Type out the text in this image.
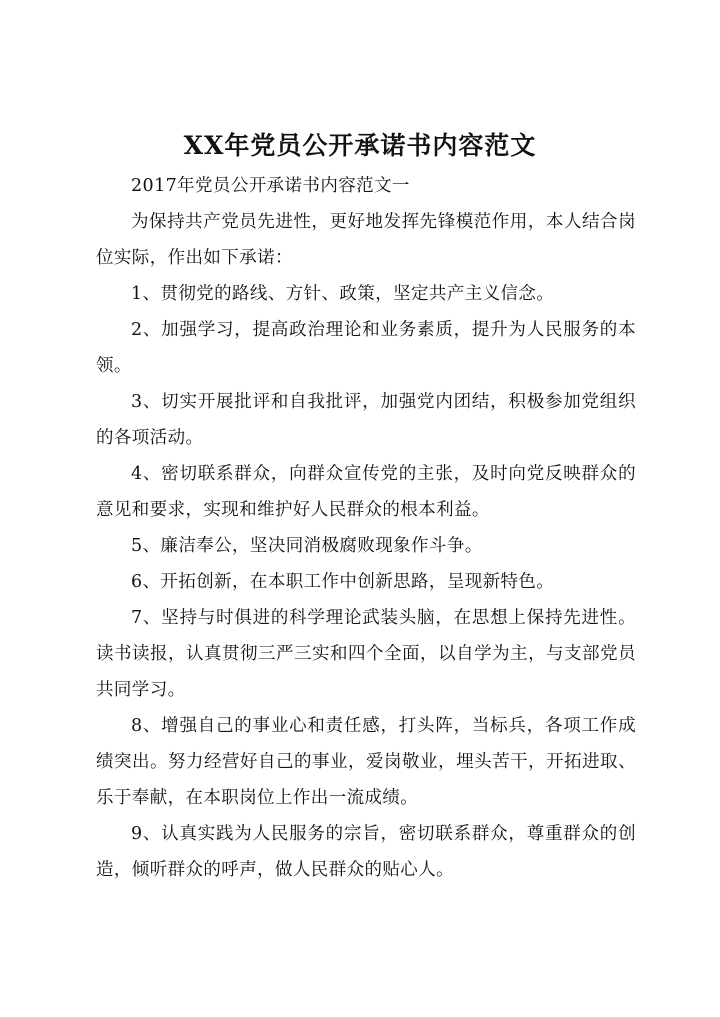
XX年党员公开承诺书内容范文

2017年党员公开承诺书内容范文一

为保持共产党员先进性，更好地发挥先锋模范作用，本人结合岗位实际，作出如下承诺：

1、贯彻党的路线、方针、政策，坚定共产主义信念。

2、加强学习，提高政治理论和业务素质，提升为人民服务的本领。

3、切实开展批评和自我批评，加强党内团结，积极参加党组织的各项活动。

4、密切联系群众，向群众宣传党的主张，及时向党反映群众的意见和要求，实现和维护好人民群众的根本利益。

5、廉洁奉公，坚决同消极腐败现象作斗争。

6、开拓创新，在本职工作中创新思路，呈现新特色。

7、坚持与时俱进的科学理论武装头脑，在思想上保持先进性。读书读报，认真贯彻三严三实和四个全面，以自学为主，与支部党员共同学习。

8、增强自己的事业心和责任感，打头阵，当标兵，各项工作成绩突出。努力经营好自己的事业，爱岗敬业，埋头苦干，开拓进取、乐于奉献，在本职岗位上作出一流成绩。

9、认真实践为人民服务的宗旨，密切联系群众，尊重群众的创造，倾听群众的呼声，做人民群众的贴心人。
